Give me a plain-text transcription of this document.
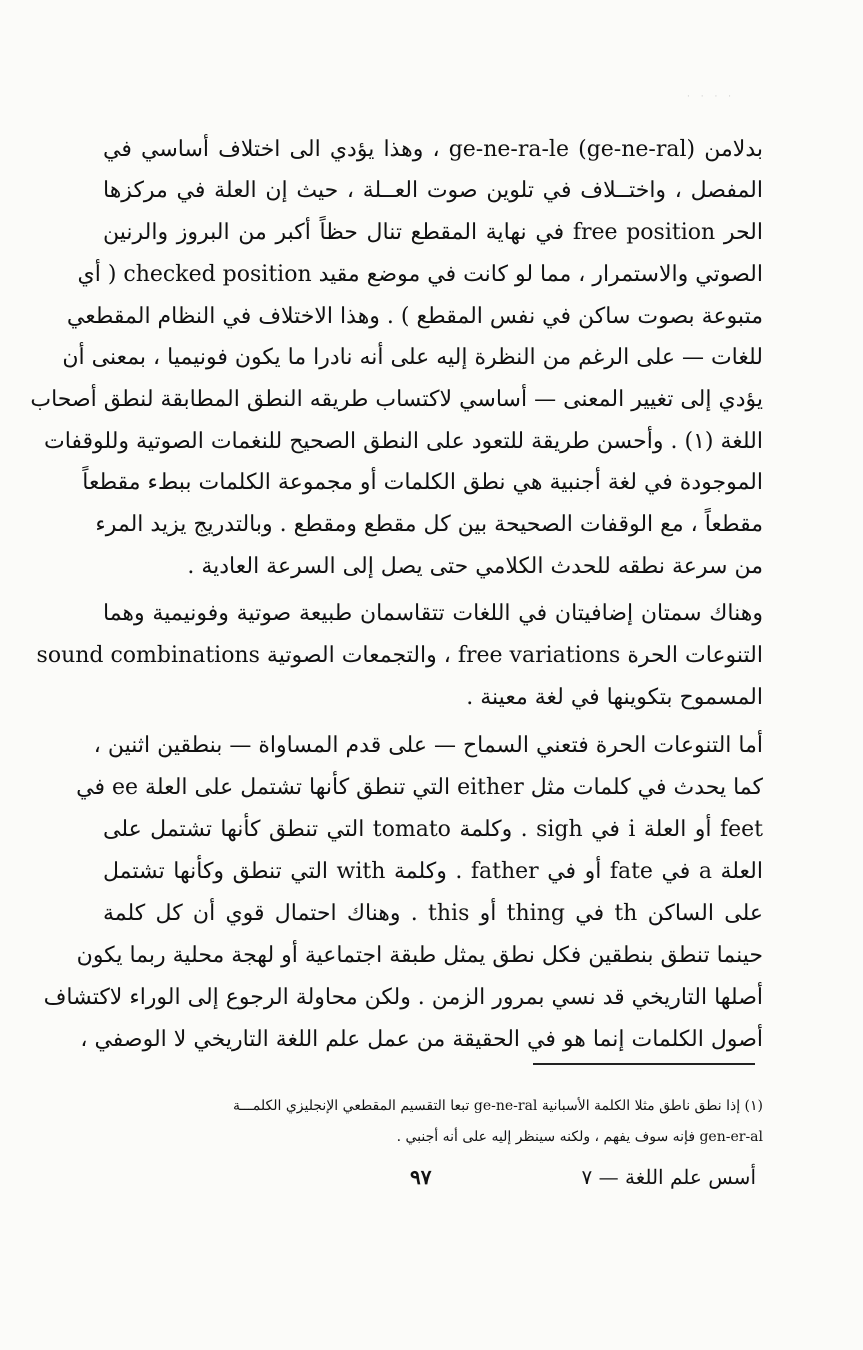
· · · ·
بدلامن ge-ne-ra-le (ge-ne-ral) ، وهذا يؤدي الى اختلاف أساسي في
المفصل ، واختــلاف في تلوين صوت العــلة ، حيث إن العلة في مركزها
الحر free position في نهاية المقطع تنال حظاً أكبر من البروز والرنين
الصوتي والاستمرار ، مما لو كانت في موضع مقيد checked position ( أي
متبوعة بصوت ساكن في نفس المقطع ) . وهذا الاختلاف في النظام المقطعي
للغات — على الرغم من النظرة إليه على أنه نادرا ما يكون فونيميا ، بمعنى أن
يؤدي إلى تغيير المعنى — أساسي لاكتساب طريقه النطق المطابقة لنطق أصحاب
اللغة (١) . وأحسن طريقة للتعود على النطق الصحيح للنغمات الصوتية وللوقفات
الموجودة في لغة أجنبية هي نطق الكلمات أو مجموعة الكلمات ببطء مقطعاً
مقطعاً ، مع الوقفات الصحيحة بين كل مقطع ومقطع . وبالتدريج يزيد المرء
من سرعة نطقه للحدث الكلامي حتى يصل إلى السرعة العادية .
وهناك سمتان إضافيتان في اللغات تتقاسمان طبيعة صوتية وفونيمية وهما
التنوعات الحرة free variations ، والتجمعات الصوتية sound combinations
المسموح بتكوينها في لغة معينة .
أما التنوعات الحرة فتعني السماح — على قدم المساواة — بنطقين اثنين ،
كما يحدث في كلمات مثل either التي تنطق كأنها تشتمل على العلة ee في
feet أو العلة i في sigh . وكلمة tomato التي تنطق كأنها تشتمل على
العلة a في fate أو في father . وكلمة with التي تنطق وكأنها تشتمل
على الساكن th في thing أو this . وهناك احتمال قوي أن كل كلمة
حينما تنطق بنطقين فكل نطق يمثل طبقة اجتماعية أو لهجة محلية ربما يكون
أصلها التاريخي قد نسي بمرور الزمن . ولكن محاولة الرجوع إلى الوراء لاكتشاف
أصول الكلمات إنما هو في الحقيقة من عمل علم اللغة التاريخي لا الوصفي ،
(١) إذا نطق ناطق مثلا الكلمة الأسبانية ge-ne-ral تبعا التقسيم المقطعي الإنجليزي الكلمـــة
gen-er-al فإنه سوف يفهم ، ولكنه سينظر إليه على أنه أجنبي .
أسس علم اللغة — ٧
٩٧
